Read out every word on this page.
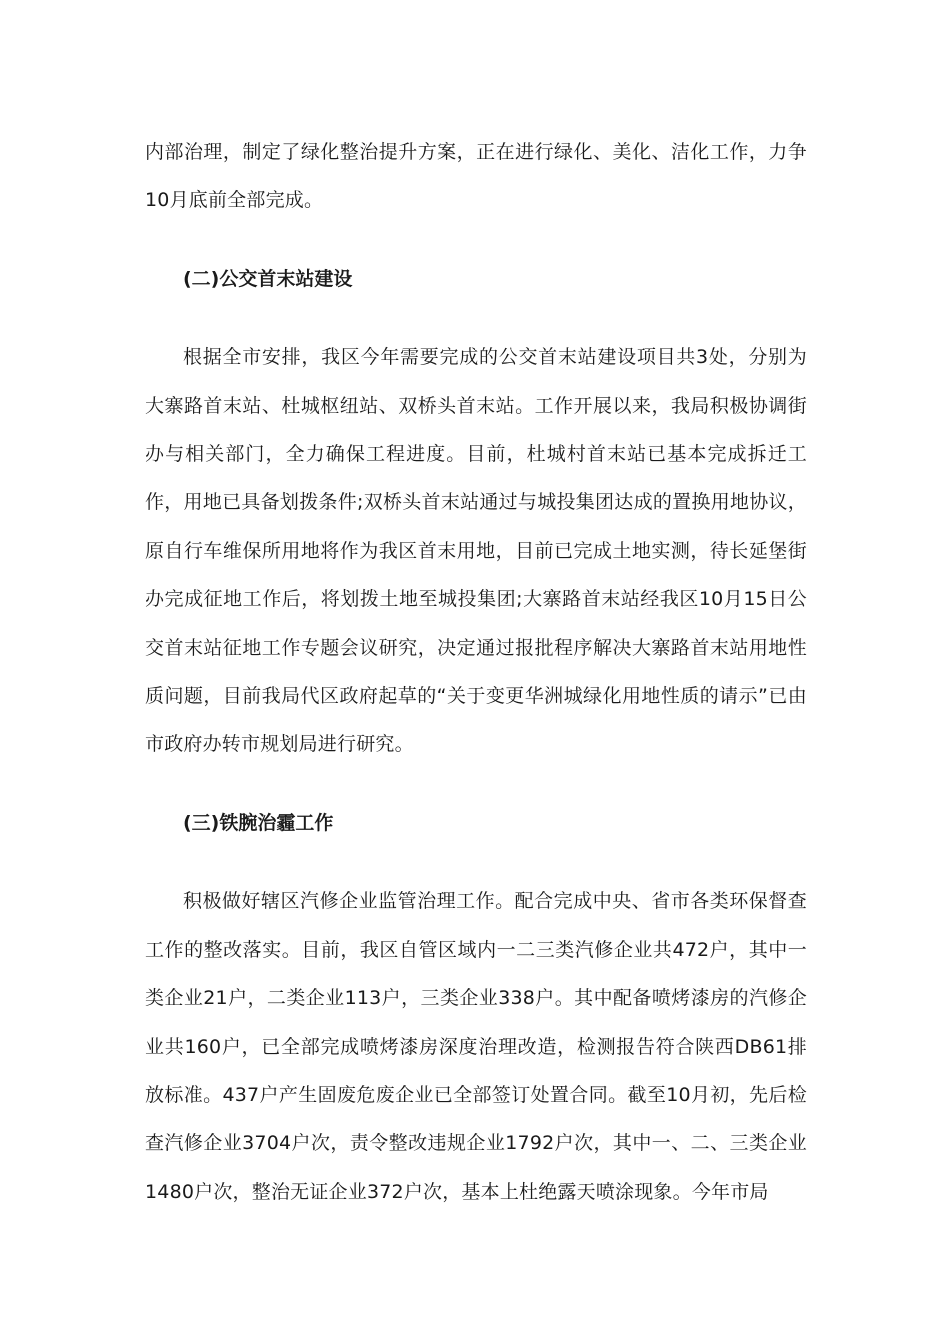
内部治理，制定了绿化整治提升方案，正在进行绿化、美化、洁化工作，力争10月底前全部完成。

(二)公交首末站建设

根据全市安排，我区今年需要完成的公交首末站建设项目共3处，分别为大寨路首末站、杜城枢纽站、双桥头首末站。工作开展以来，我局积极协调街办与相关部门，全力确保工程进度。目前，杜城村首末站已基本完成拆迁工作，用地已具备划拨条件;双桥头首末站通过与城投集团达成的置换用地协议，原自行车维保所用地将作为我区首末用地，目前已完成土地实测，待长延堡街办完成征地工作后，将划拨土地至城投集团;大寨路首末站经我区10月15日公交首末站征地工作专题会议研究，决定通过报批程序解决大寨路首末站用地性质问题，目前我局代区政府起草的“关于变更华洲城绿化用地性质的请示”已由市政府办转市规划局进行研究。

(三)铁腕治霾工作

积极做好辖区汽修企业监管治理工作。配合完成中央、省市各类环保督查工作的整改落实。目前，我区自管区域内一二三类汽修企业共472户，其中一类企业21户，二类企业113户，三类企业338户。其中配备喷烤漆房的汽修企业共160户，已全部完成喷烤漆房深度治理改造，检测报告符合陕西DB61排放标准。437户产生固废危废企业已全部签订处置合同。截至10月初，先后检查汽修企业3704户次，责令整改违规企业1792户次，其中一、二、三类企业1480户次，整治无证企业372户次，基本上杜绝露天喷涂现象。今年市局
